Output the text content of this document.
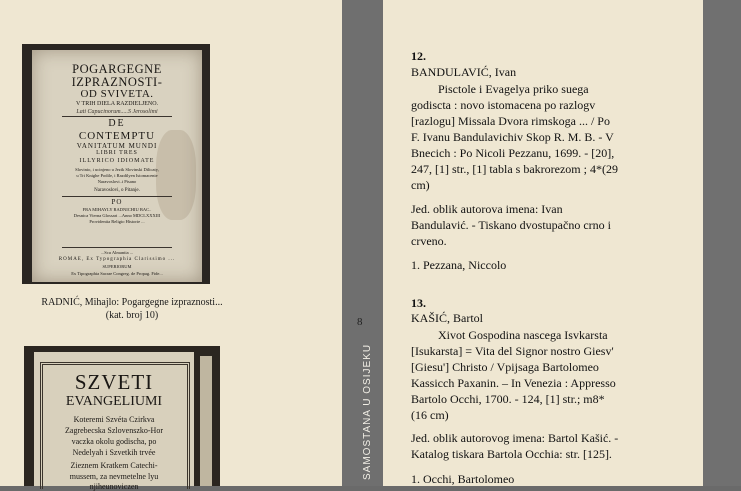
POGARGEGNE
IZPRAZNOSTI-
OD SVIVETA.
V TRIH DIELA RAZDIELJENO.
Lati Capucinorum.....S Jerosolimi
DE
CONTEMPTU
VANITATUM MUNDI
LIBRI TRES
ILLYRICO IDIOMATE
Slovinio, i ucinjeno u Jezik Slovinski Dilicaty,
u Tri Knighe Podile, i Razdilyen Istomacenie
Naravoslovi..i Pisano
Naravoslovi, o Pitanje.
PO
FRA MIHAYLY RADNICHIU BAC..
Desnica Vierna Glossari ...Anno MDCLXXXIII
Providentia Religio Historie ...
...Scu Almantia ...
ROMAE, Ex Typographia Clarissimo ...
SUPERIORUM
Ex Tipographia Sacrae Congreg. de Propag. Fide...
RADNIĆ, Mihajlo: Pogargegne izpraznosti...
(kat. broj 10)
SZVETI
EVANGELIUMI
Koteremi Szvéta Czirkva
Zagrebecska Szlovenszko-Hor
vaczka okolu godischa, po
Nedelyah i Szvetkih trvée
Zieznem Kratkem Catechi-
mussem, za nevmetelne lyu
njiheunoviczen
8
SAMOSTANA U OSIJEKU
12.
BANDULAVIĆ, Ivan
Pisctole i Evagelya priko suega
godiscta : novo istomacena po razlogv
[razlogu] Missala Dvora rimskoga ... / Po
F. Ivanu Bandulavichiv Skop R. M. B. - V
Bnecich : Po Nicoli Pezzanu, 1699. - [20],
247, [1] str., [1] tabla s bakrorezom ; 4*(29
cm)
Jed. oblik autorova imena: Ivan
Bandulavić. - Tiskano dvostupačno crno i
crveno.
1. Pezzana, Niccolo
13.
KAŠIĆ, Bartol
Xivot Gospodina nascega Isvkarsta
[Isukarsta] = Vita del Signor nostro Giesv'
[Giesu'] Christo / Vpijsaga Bartolomeo
Kassicch Paxanin. – In Venezia : Appresso
Bartolo Occhi, 1700. - 124, [1] str.; m8*
(16 cm)
Jed. oblik autorovog imena: Bartol Kašić. -
Katalog tiskara Bartola Occhia: str. [125].
1. Occhi, Bartolomeo
